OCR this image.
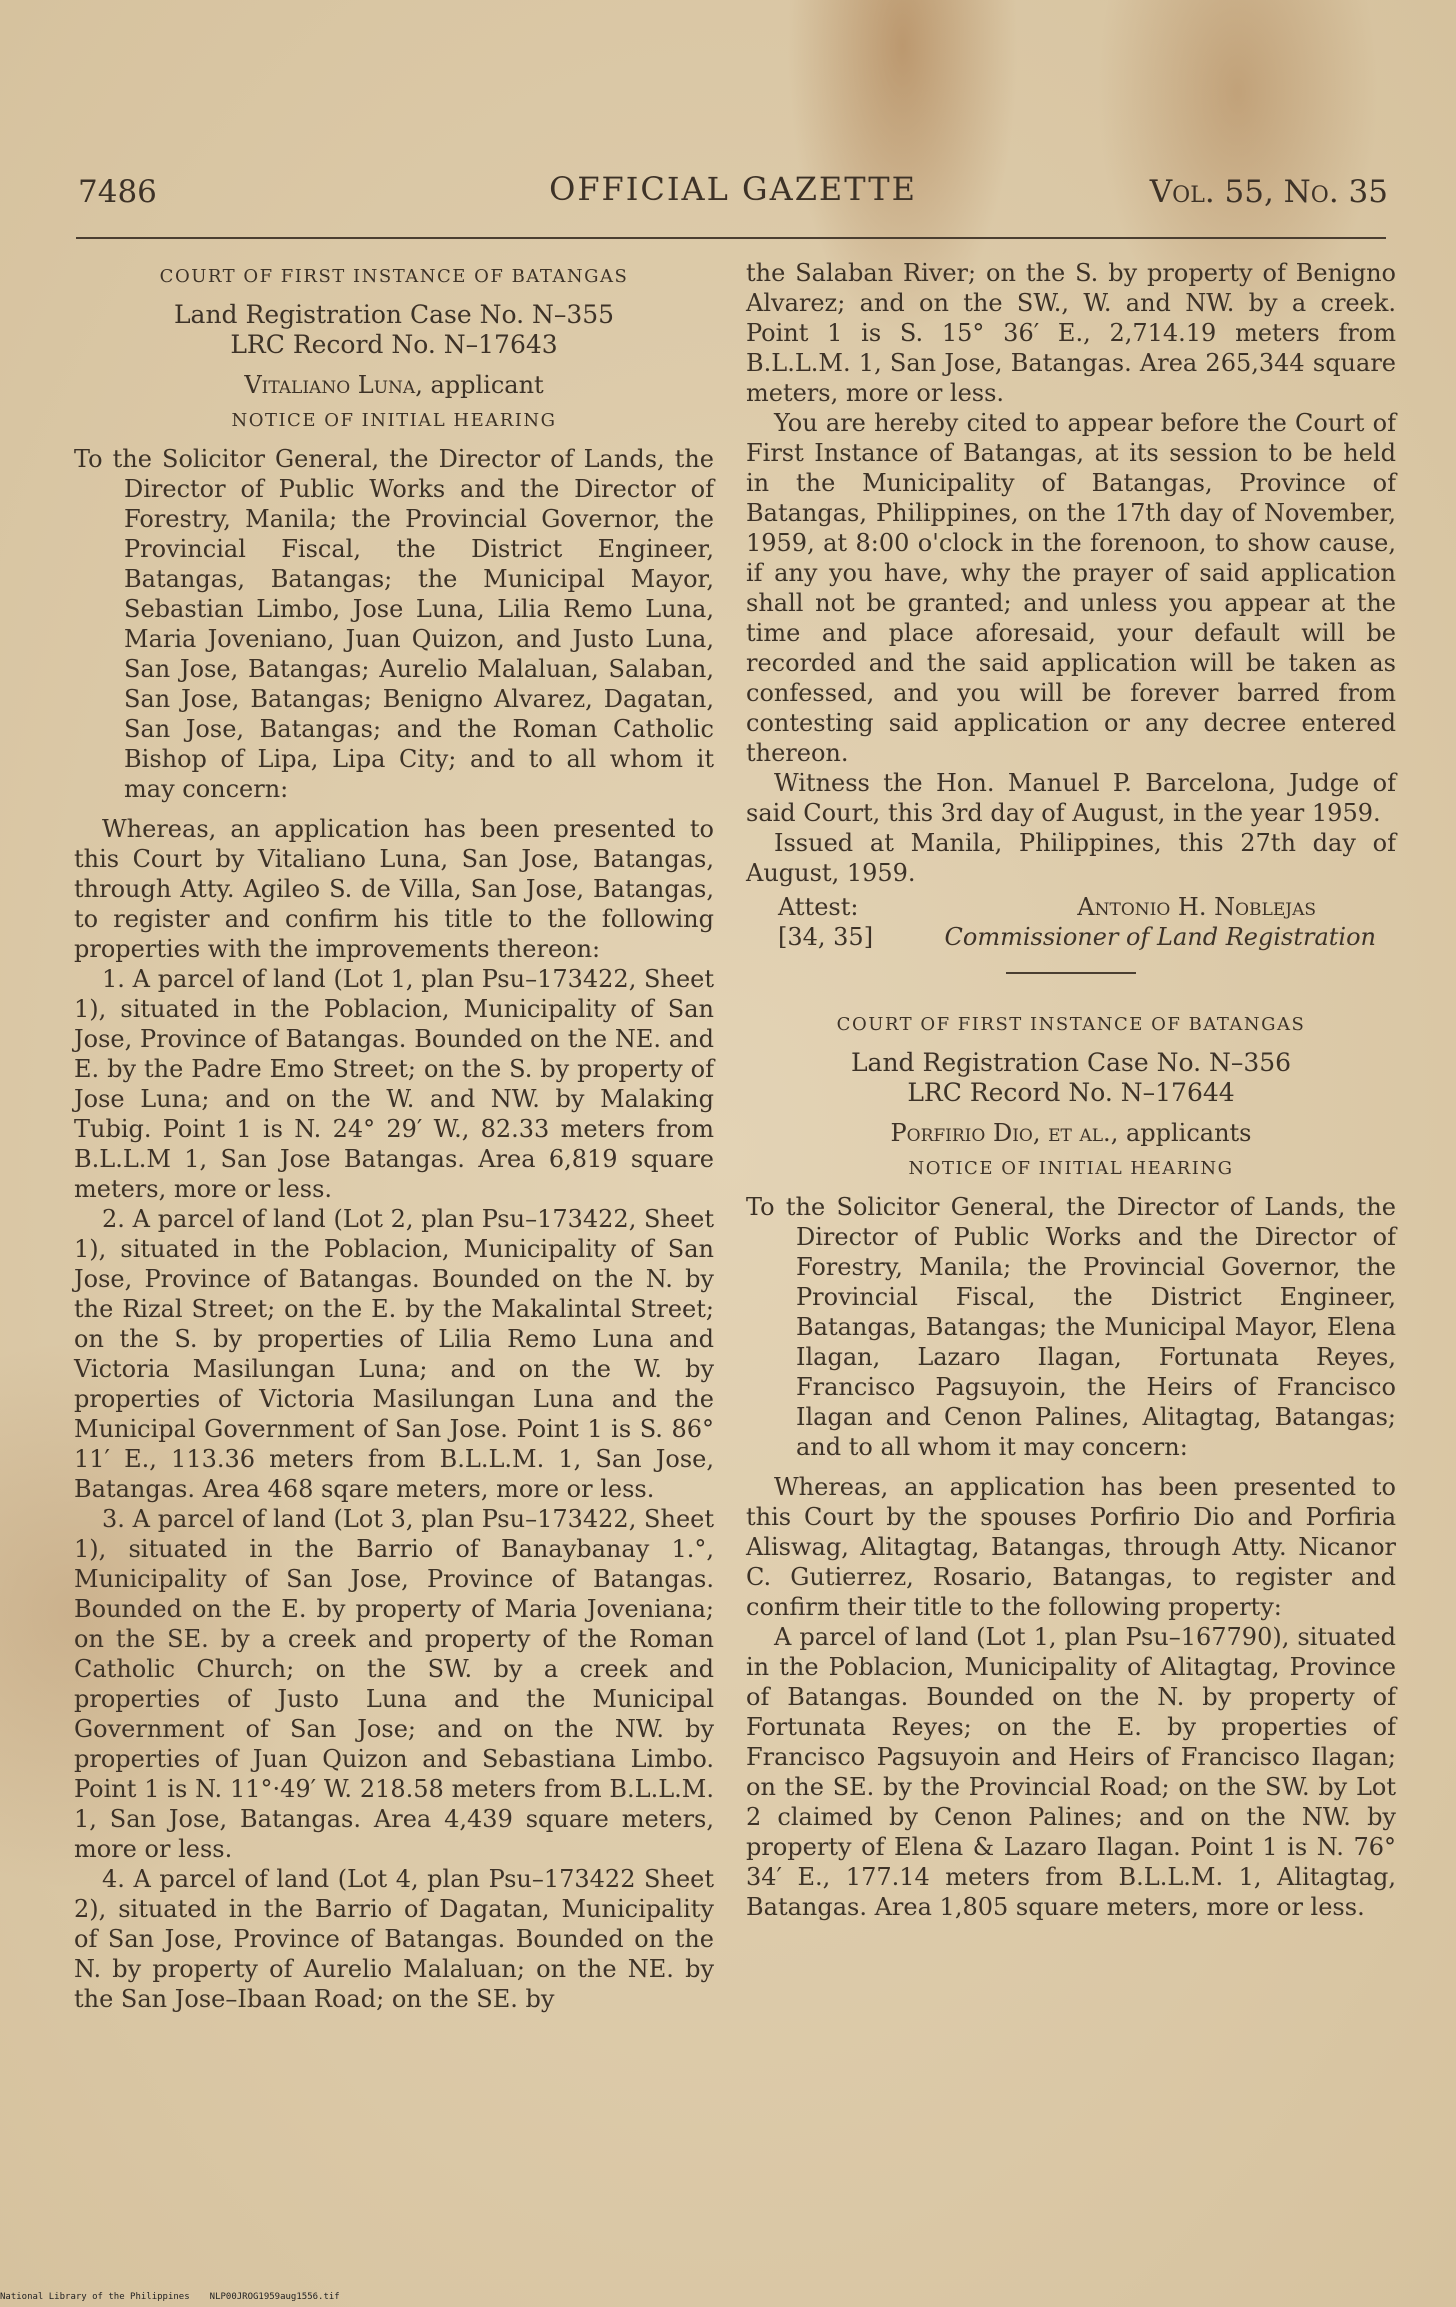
7486	OFFICIAL GAZETTE	Vol. 55, No. 35
COURT OF FIRST INSTANCE OF BATANGAS
Land Registration Case No. N–355
LRC Record No. N–17643
Vitaliano Luna, applicant
NOTICE OF INITIAL HEARING
To the Solicitor General, the Director of Lands, the Director of Public Works and the Director of Forestry, Manila; the Provincial Governor, the Provincial Fiscal, the District Engineer, Batangas, Batangas; the Municipal Mayor, Sebastian Limbo, Jose Luna, Lilia Remo Luna, Maria Joveniano, Juan Quizon, and Justo Luna, San Jose, Batangas; Aurelio Malaluan, Salaban, San Jose, Batangas; Benigno Alvarez, Dagatan, San Jose, Batangas; and the Roman Catholic Bishop of Lipa, Lipa City; and to all whom it may concern:

Whereas, an application has been presented to this Court by Vitaliano Luna, San Jose, Batangas, through Atty. Agileo S. de Villa, San Jose, Batangas, to register and confirm his title to the following properties with the improvements thereon:

1. A parcel of land (Lot 1, plan Psu–173422, Sheet 1), situated in the Poblacion, Municipality of San Jose, Province of Batangas. Bounded on the NE. and E. by the Padre Emo Street; on the S. by property of Jose Luna; and on the W. and NW. by Malaking Tubig. Point 1 is N. 24° 29′ W., 82.33 meters from B.L.L.M 1, San Jose Batangas. Area 6,819 square meters, more or less.

2. A parcel of land (Lot 2, plan Psu–173422, Sheet 1), situated in the Poblacion, Municipality of San Jose, Province of Batangas. Bounded on the N. by the Rizal Street; on the E. by the Makalintal Street; on the S. by properties of Lilia Remo Luna and Victoria Masilungan Luna; and on the W. by properties of Victoria Masilungan Luna and the Municipal Government of San Jose. Point 1 is S. 86° 11′ E., 113.36 meters from B.L.L.M. 1, San Jose, Batangas. Area 468 sqare meters, more or less.

3. A parcel of land (Lot 3, plan Psu–173422, Sheet 1), situated in the Barrio of Banaybanay 1.°, Municipality of San Jose, Province of Batangas. Bounded on the E. by property of Maria Joveniana; on the SE. by a creek and property of the Roman Catholic Church; on the SW. by a creek and properties of Justo Luna and the Municipal Government of San Jose; and on the NW. by properties of Juan Quizon and Sebastiana Limbo. Point 1 is N. 11°·49′ W. 218.58 meters from B.L.L.M. 1, San Jose, Batangas. Area 4,439 square meters, more or less.

4. A parcel of land (Lot 4, plan Psu–173422 Sheet 2), situated in the Barrio of Dagatan, Municipality of San Jose, Province of Batangas. Bounded on the N. by property of Aurelio Malaluan; on the NE. by the San Jose–Ibaan Road; on the SE. by

the Salaban River; on the S. by property of Benigno Alvarez; and on the SW., W. and NW. by a creek. Point 1 is S. 15° 36′ E., 2,714.19 meters from B.L.L.M. 1, San Jose, Batangas. Area 265,344 square meters, more or less.

You are hereby cited to appear before the Court of First Instance of Batangas, at its session to be held in the Municipality of Batangas, Province of Batangas, Philippines, on the 17th day of November, 1959, at 8:00 o'clock in the forenoon, to show cause, if any you have, why the prayer of said application shall not be granted; and unless you appear at the time and place aforesaid, your default will be recorded and the said application will be taken as confessed, and you will be forever barred from contesting said application or any decree entered thereon.

Witness the Hon. Manuel P. Barcelona, Judge of said Court, this 3rd day of August, in the year 1959.

Issued at Manila, Philippines, this 27th day of August, 1959.

Attest:
[34, 35]
Antonio H. Noblejas
Commissioner of Land Registration
COURT OF FIRST INSTANCE OF BATANGAS
Land Registration Case No. N–356
LRC Record No. N–17644
Porfirio Dio, et al., applicants
NOTICE OF INITIAL HEARING
To the Solicitor General, the Director of Lands, the Director of Public Works and the Director of Forestry, Manila; the Provincial Governor, the Provincial Fiscal, the District Engineer, Batangas, Batangas; the Municipal Mayor, Elena Ilagan, Lazaro Ilagan, Fortunata Reyes, Francisco Pagsuyoin, the Heirs of Francisco Ilagan and Cenon Palines, Alitagtag, Batangas; and to all whom it may concern:

Whereas, an application has been presented to this Court by the spouses Porfirio Dio and Porfiria Aliswag, Alitagtag, Batangas, through Atty. Nicanor C. Gutierrez, Rosario, Batangas, to register and confirm their title to the following property:

A parcel of land (Lot 1, plan Psu–167790), situated in the Poblacion, Municipality of Alitagtag, Province of Batangas. Bounded on the N. by property of Fortunata Reyes; on the E. by properties of Francisco Pagsuyoin and Heirs of Francisco Ilagan; on the SE. by the Provincial Road; on the SW. by Lot 2 claimed by Cenon Palines; and on the NW. by property of Elena & Lazaro Ilagan. Point 1 is N. 76° 34′ E., 177.14 meters from B.L.L.M. 1, Alitagtag, Batangas. Area 1,805 square meters, more or less.

National Library of the Philippines NLP00JROG1959aug1556.tif
